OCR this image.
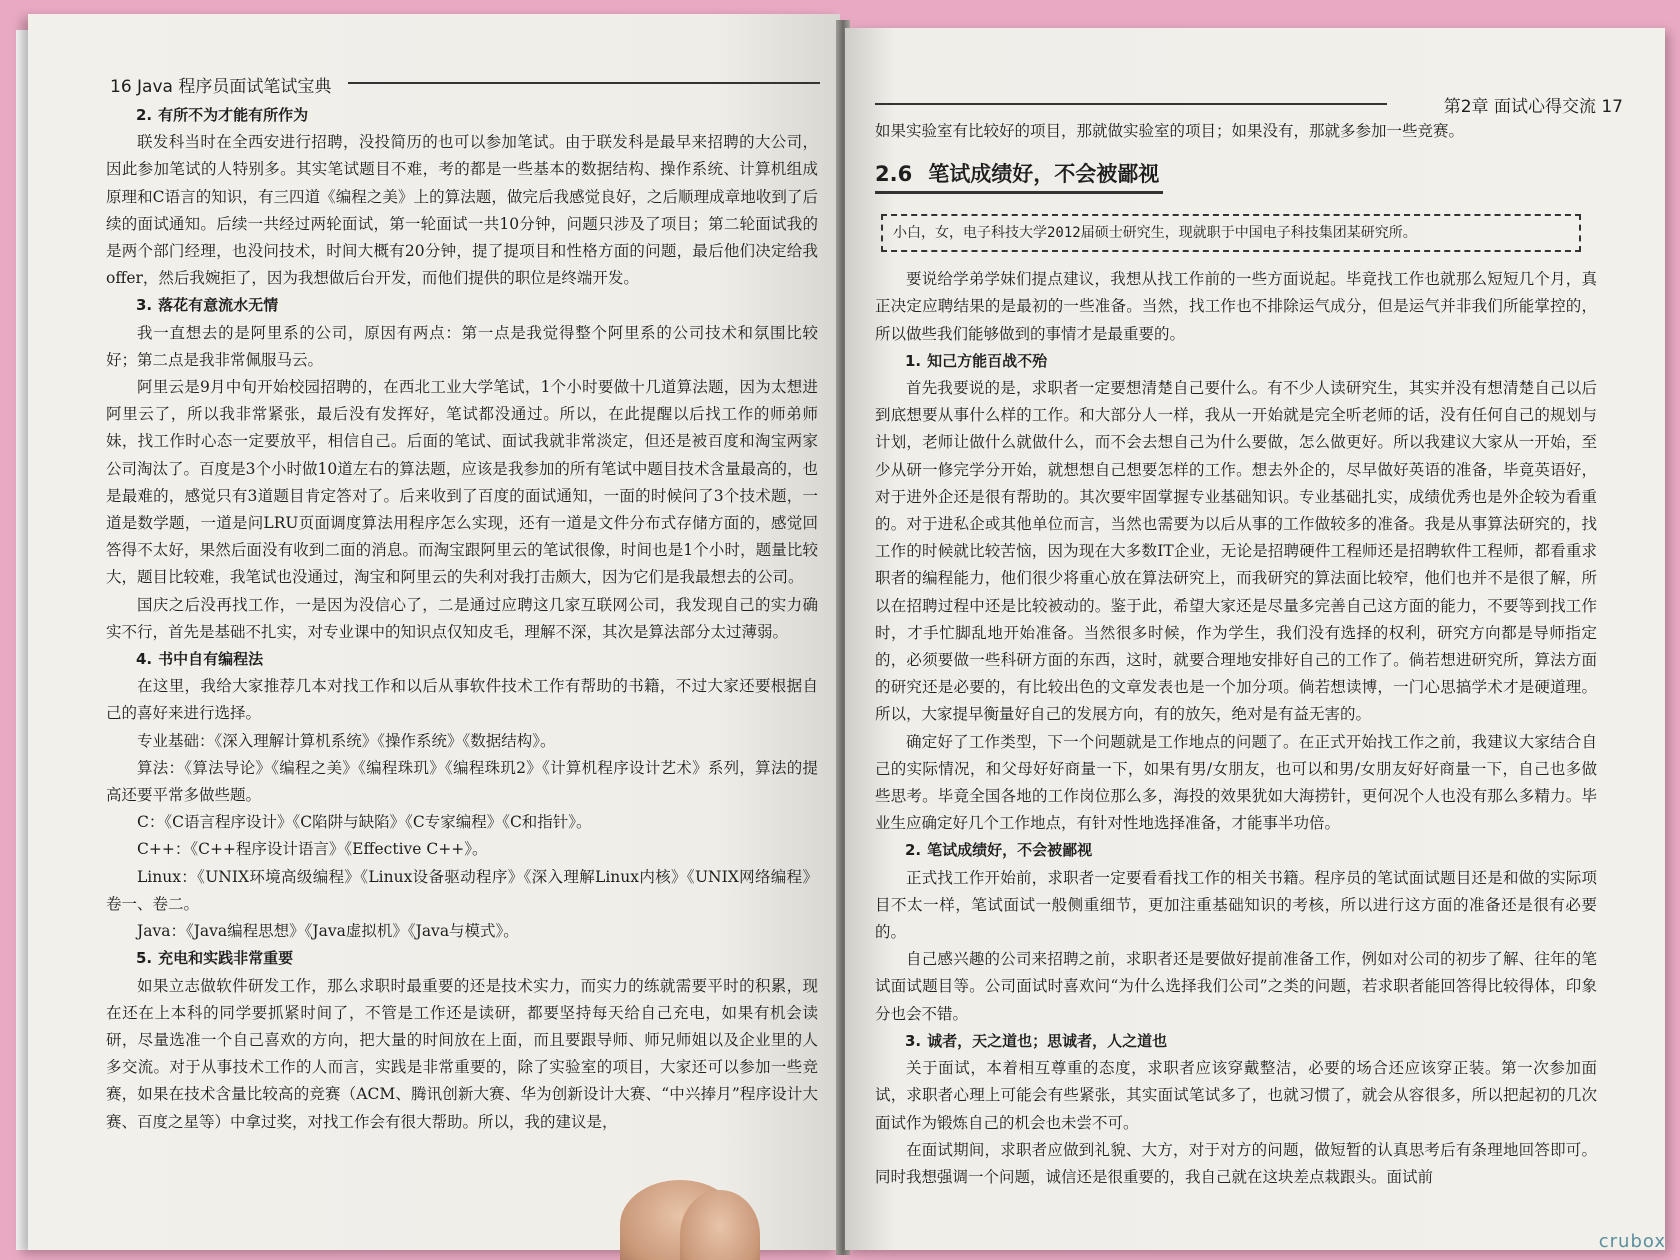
16 Java 程序员面试笔试宝典
2. 有所不为才能有所作为

联发科当时在全西安进行招聘，没投简历的也可以参加笔试。由于联发科是最早来招聘的大公司，因此参加笔试的人特别多。其实笔试题目不难，考的都是一些基本的数据结构、操作系统、计算机组成原理和C语言的知识，有三四道《编程之美》上的算法题，做完后我感觉良好，之后顺理成章地收到了后续的面试通知。后续一共经过两轮面试，第一轮面试一共10分钟，问题只涉及了项目；第二轮面试我的是两个部门经理，也没问技术，时间大概有20分钟，提了提项目和性格方面的问题，最后他们决定给我offer，然后我婉拒了，因为我想做后台开发，而他们提供的职位是终端开发。

3. 落花有意流水无情

我一直想去的是阿里系的公司，原因有两点：第一点是我觉得整个阿里系的公司技术和氛围比较好；第二点是我非常佩服马云。

阿里云是9月中旬开始校园招聘的，在西北工业大学笔试，1个小时要做十几道算法题，因为太想进阿里云了，所以我非常紧张，最后没有发挥好，笔试都没通过。所以，在此提醒以后找工作的师弟师妹，找工作时心态一定要放平，相信自己。后面的笔试、面试我就非常淡定，但还是被百度和淘宝两家公司淘汰了。百度是3个小时做10道左右的算法题，应该是我参加的所有笔试中题目技术含量最高的，也是最难的，感觉只有3道题目肯定答对了。后来收到了百度的面试通知，一面的时候问了3个技术题，一道是数学题，一道是问LRU页面调度算法用程序怎么实现，还有一道是文件分布式存储方面的，感觉回答得不太好，果然后面没有收到二面的消息。而淘宝跟阿里云的笔试很像，时间也是1个小时，题量比较大，题目比较难，我笔试也没通过，淘宝和阿里云的失利对我打击颇大，因为它们是我最想去的公司。

国庆之后没再找工作，一是因为没信心了，二是通过应聘这几家互联网公司，我发现自己的实力确实不行，首先是基础不扎实，对专业课中的知识点仅知皮毛，理解不深，其次是算法部分太过薄弱。

4. 书中自有编程法

在这里，我给大家推荐几本对找工作和以后从事软件技术工作有帮助的书籍，不过大家还要根据自己的喜好来进行选择。

专业基础：《深入理解计算机系统》《操作系统》《数据结构》。

算法：《算法导论》《编程之美》《编程珠玑》《编程珠玑2》《计算机程序设计艺术》系列，算法的提高还要平常多做些题。

C：《C语言程序设计》《C陷阱与缺陷》《C专家编程》《C和指针》。

C++：《C++程序设计语言》《Effective C++》。

Linux：《UNIX环境高级编程》《Linux设备驱动程序》《深入理解Linux内核》《UNIX网络编程》卷一、卷二。

Java：《Java编程思想》《Java虚拟机》《Java与模式》。

5. 充电和实践非常重要

如果立志做软件研发工作，那么求职时最重要的还是技术实力，而实力的练就需要平时的积累，现在还在上本科的同学要抓紧时间了，不管是工作还是读研，都要坚持每天给自己充电，如果有机会读研，尽量选准一个自己喜欢的方向，把大量的时间放在上面，而且要跟导师、师兄师姐以及企业里的人多交流。对于从事技术工作的人而言，实践是非常重要的，除了实验室的项目，大家还可以参加一些竞赛，如果在技术含量比较高的竞赛（ACM、腾讯创新大赛、华为创新设计大赛、“中兴捧月”程序设计大赛、百度之星等）中拿过奖，对找工作会有很大帮助。所以，我的建议是，

第2章 面试心得交流 17

如果实验室有比较好的项目，那就做实验室的项目；如果没有，那就多参加一些竞赛。

2.6 笔试成绩好，不会被鄙视
小白，女，电子科技大学2012届硕士研究生，现就职于中国电子科技集团某研究所。

要说给学弟学妹们提点建议，我想从找工作前的一些方面说起。毕竟找工作也就那么短短几个月，真正决定应聘结果的是最初的一些准备。当然，找工作也不排除运气成分，但是运气并非我们所能掌控的，所以做些我们能够做到的事情才是最重要的。

1. 知己方能百战不殆

首先我要说的是，求职者一定要想清楚自己要什么。有不少人读研究生，其实并没有想清楚自己以后到底想要从事什么样的工作。和大部分人一样，我从一开始就是完全听老师的话，没有任何自己的规划与计划，老师让做什么就做什么，而不会去想自己为什么要做，怎么做更好。所以我建议大家从一开始，至少从研一修完学分开始，就想想自己想要怎样的工作。想去外企的，尽早做好英语的准备，毕竟英语好，对于进外企还是很有帮助的。其次要牢固掌握专业基础知识。专业基础扎实，成绩优秀也是外企较为看重的。对于进私企或其他单位而言，当然也需要为以后从事的工作做较多的准备。我是从事算法研究的，找工作的时候就比较苦恼，因为现在大多数IT企业，无论是招聘硬件工程师还是招聘软件工程师，都看重求职者的编程能力，他们很少将重心放在算法研究上，而我研究的算法面比较窄，他们也并不是很了解，所以在招聘过程中还是比较被动的。鉴于此，希望大家还是尽量多完善自己这方面的能力，不要等到找工作时，才手忙脚乱地开始准备。当然很多时候，作为学生，我们没有选择的权利，研究方向都是导师指定的，必须要做一些科研方面的东西，这时，就要合理地安排好自己的工作了。倘若想进研究所，算法方面的研究还是必要的，有比较出色的文章发表也是一个加分项。倘若想读博，一门心思搞学术才是硬道理。所以，大家提早衡量好自己的发展方向，有的放矢，绝对是有益无害的。

确定好了工作类型，下一个问题就是工作地点的问题了。在正式开始找工作之前，我建议大家结合自己的实际情况，和父母好好商量一下，如果有男/女朋友，也可以和男/女朋友好好商量一下，自己也多做些思考。毕竟全国各地的工作岗位那么多，海投的效果犹如大海捞针，更何况个人也没有那么多精力。毕业生应确定好几个工作地点，有针对性地选择准备，才能事半功倍。

2. 笔试成绩好，不会被鄙视

正式找工作开始前，求职者一定要看看找工作的相关书籍。程序员的笔试面试题目还是和做的实际项目不太一样，笔试面试一般侧重细节，更加注重基础知识的考核，所以进行这方面的准备还是很有必要的。

自己感兴趣的公司来招聘之前，求职者还是要做好提前准备工作，例如对公司的初步了解、往年的笔试面试题目等。公司面试时喜欢问“为什么选择我们公司”之类的问题，若求职者能回答得比较得体，印象分也会不错。

3. 诚者，天之道也；思诚者，人之道也

关于面试，本着相互尊重的态度，求职者应该穿戴整洁，必要的场合还应该穿正装。第一次参加面试，求职者心理上可能会有些紧张，其实面试笔试多了，也就习惯了，就会从容很多，所以把起初的几次面试作为锻炼自己的机会也未尝不可。

在面试期间，求职者应做到礼貌、大方，对于对方的问题，做短暂的认真思考后有条理地回答即可。同时我想强调一个问题，诚信还是很重要的，我自己就在这块差点栽跟头。面试前

crubox
